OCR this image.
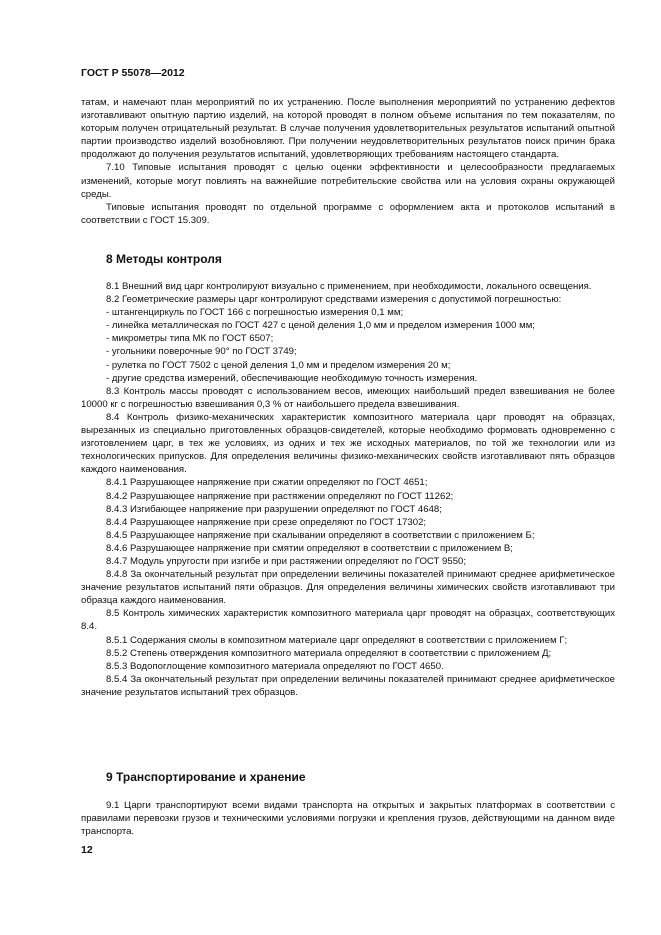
ГОСТ Р 55078—2012

татам, и намечают план мероприятий по их устранению. После выполнения мероприятий по устранению дефектов изготавливают опытную партию изделий, на которой проводят в полном объеме испытания по тем показателям, по которым получен отрицательный результат. В случае получения удовлетворительных результатов испытаний опытной партии производство изделий возобновляют. При получении неудовлетворительных результатов поиск причин брака продолжают до получения результатов испытаний, удовлетворяющих требованиям настоящего стандарта.

7.10 Типовые испытания проводят с целью оценки эффективности и целесообразности предлагаемых изменений, которые могут повлиять на важнейшие потребительские свойства или на условия охраны окружающей среды.

Типовые испытания проводят по отдельной программе с оформлением акта и протоколов испытаний в соответствии с ГОСТ 15.309.

8 Методы контроля

8.1 Внешний вид царг контролируют визуально с применением, при необходимости, локального освещения.

8.2 Геометрические размеры царг контролируют средствами измерения с допустимой погрешностью:

- штангенциркуль по ГОСТ 166 с погрешностью измерения 0,1 мм;

- линейка металлическая по ГОСТ 427 с ценой деления 1,0 мм и пределом измерения 1000 мм;

- микрометры типа МК по ГОСТ 6507;

- угольники поверочные 90° по ГОСТ 3749;

- рулетка по ГОСТ 7502 с ценой деления 1,0 мм и пределом измерения 20 м;

- другие средства измерений, обеспечивающие необходимую точность измерения.

8.3 Контроль массы проводят с использованием весов, имеющих наибольший предел взвешивания не более 10000 кг с погрешностью взвешивания 0,3 % от наибольшего предела взвешивания.

8.4 Контроль физико-механических характеристик композитного материала царг проводят на образцах, вырезанных из специально приготовленных образцов-свидетелей, которые необходимо формовать одновременно с изготовлением царг, в тех же условиях, из одних и тех же исходных материалов, по той же технологии или из технологических припусков. Для определения величины физико-механических свойств изготавливают пять образцов каждого наименования.

8.4.1 Разрушающее напряжение при сжатии определяют по ГОСТ 4651;

8.4.2 Разрушающее напряжение при растяжении определяют по ГОСТ 11262;

8.4.3 Изгибающее напряжение при разрушении определяют по ГОСТ 4648;

8.4.4 Разрушающее напряжение при срезе определяют по ГОСТ 17302;

8.4.5 Разрушающее напряжение при скалывании определяют в соответствии с приложением Б;

8.4.6 Разрушающее напряжение при смятии определяют в соответствии с приложением В;

8.4.7 Модуль упругости при изгибе и при растяжении определяют по ГОСТ 9550;

8.4.8 За окончательный результат при определении величины показателей принимают среднее арифметическое значение результатов испытаний пяти образцов. Для определения величины химических свойств изготавливают три образца каждого наименования.

8.5 Контроль химических характеристик композитного материала царг проводят на образцах, соответствующих 8.4.

8.5.1 Содержания смолы в композитном материале царг определяют в соответствии с приложением Г;

8.5.2 Степень отверждения композитного материала определяют в соответствии с приложением Д;

8.5.3 Водопоглощение композитного материала определяют по ГОСТ 4650.

8.5.4 За окончательный результат при определении величины показателей принимают среднее арифметическое значение результатов испытаний трех образцов.

9 Транспортирование и хранение

9.1 Царги транспортируют всеми видами транспорта на открытых и закрытых платформах в соответствии с правилами перевозки грузов и техническими условиями погрузки и крепления грузов, действующими на данном виде транспорта.

12
